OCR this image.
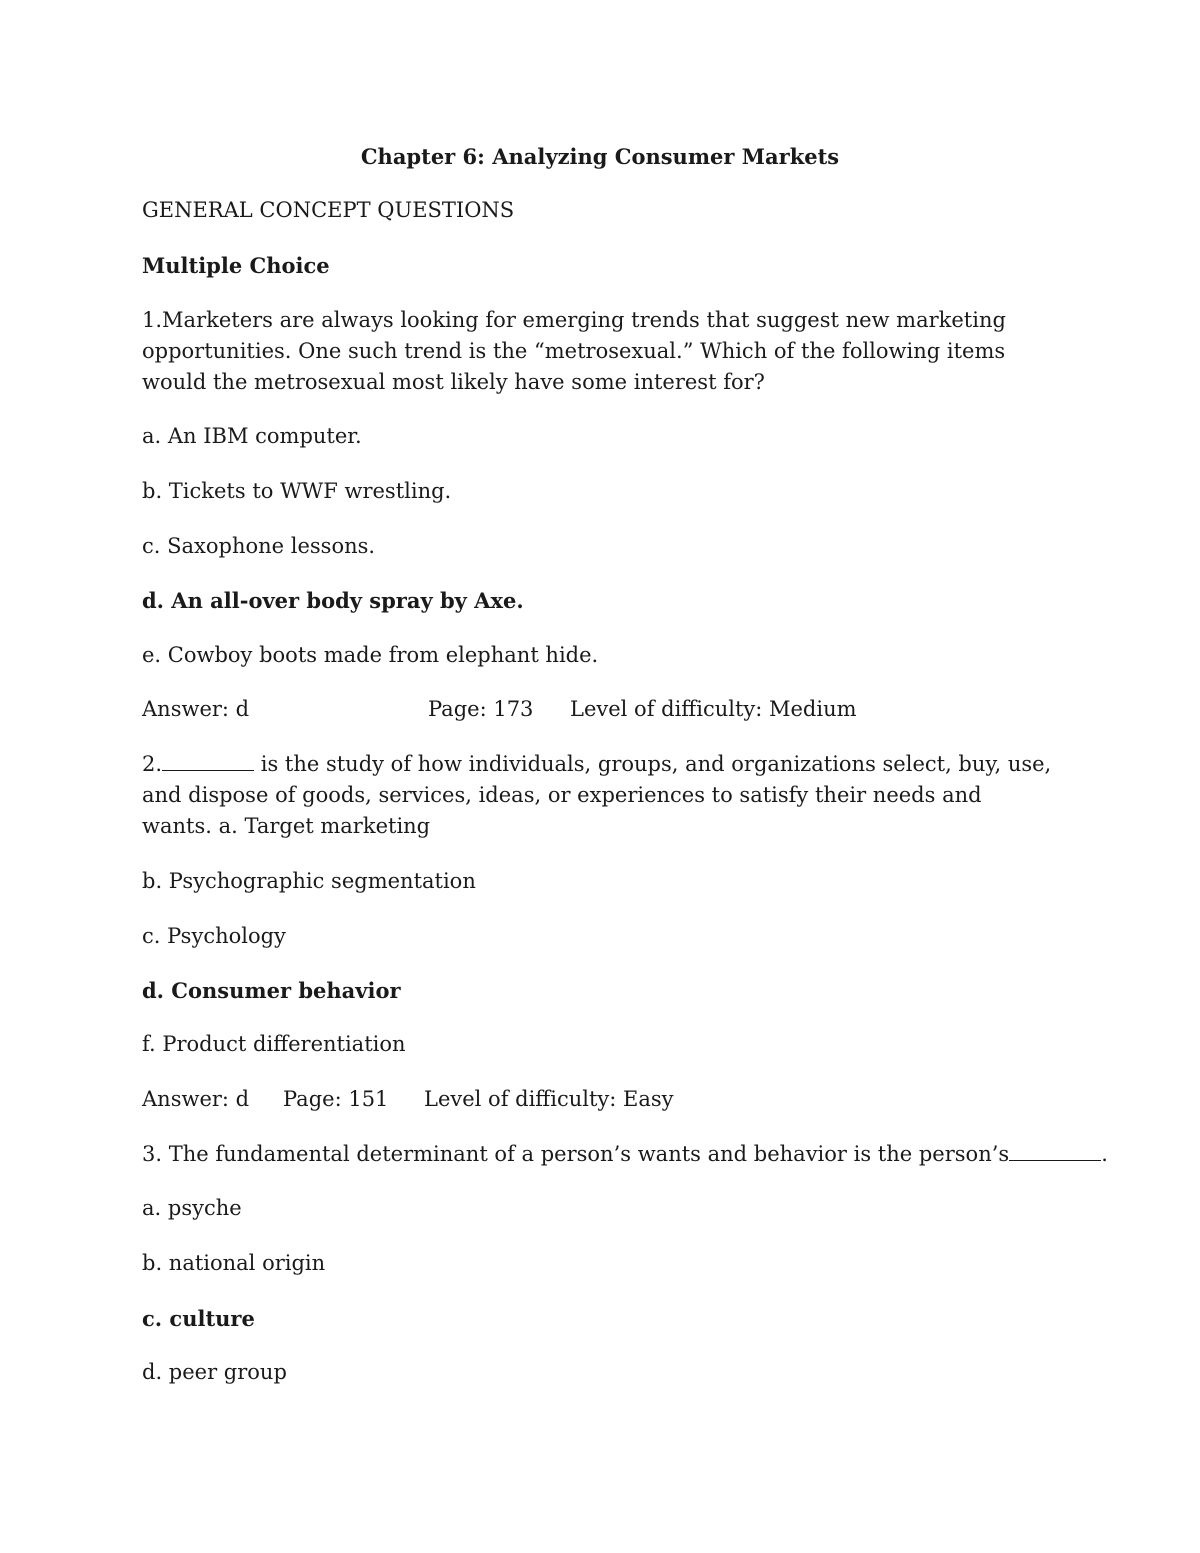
Chapter 6: Analyzing Consumer Markets

GENERAL CONCEPT QUESTIONS

Multiple Choice

1.Marketers are always looking for emerging trends that suggest new marketing opportunities. One such trend is the “metrosexual.” Which of the following items would the metrosexual most likely have some interest for?

a. An IBM computer.

b. Tickets to WWF wrestling.

c. Saxophone lessons.

d. An all-over body spray by Axe.

e. Cowboy boots made from elephant hide.

Answer: d	Page: 173 Level of difficulty: Medium

2.	is the study of how individuals, groups, and organizations select, buy, use, and dispose of goods, services, ideas, or experiences to satisfy their needs and wants. a. Target marketing

b. Psychographic segmentation

c. Psychology

d. Consumer behavior

f. Product differentiation

Answer: d Page: 151 Level of difficulty: Easy

3. The fundamental determinant of a person’s wants and behavior is the person’s	.

a. psyche

b. national origin

c. culture

d. peer group
